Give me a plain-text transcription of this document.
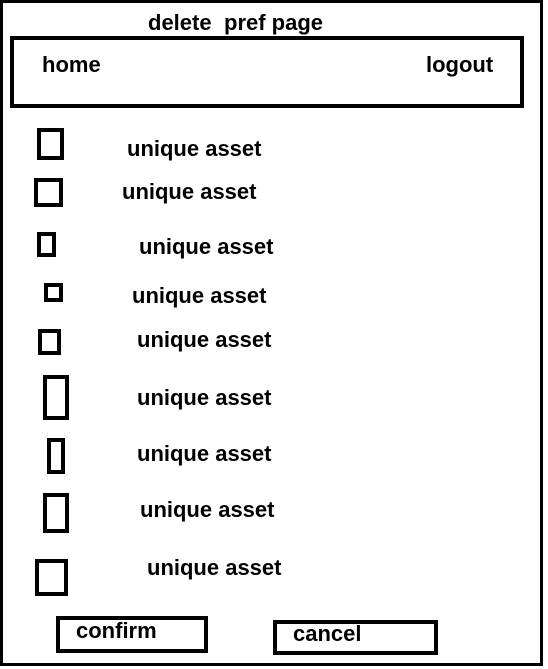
delete pref page
home	logout
unique asset
unique asset
unique asset
unique asset
unique asset
unique asset
unique asset
unique asset
unique asset
confirm	cancel
